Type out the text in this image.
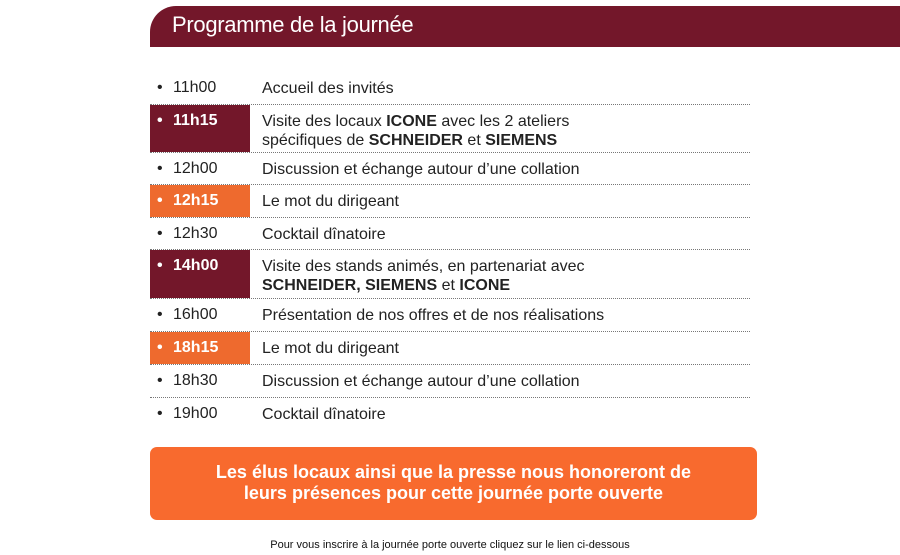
Programme de la journée
• 11h00	Accueil des invités
• 11h15	Visite des locaux ICONE avec les 2 ateliers
spécifiques de SCHNEIDER et SIEMENS
• 12h00	Discussion et échange autour d’une collation
• 12h15	Le mot du dirigeant
• 12h30	Cocktail dînatoire
• 14h00	Visite des stands animés, en partenariat avec
SCHNEIDER, SIEMENS et ICONE
• 16h00	Présentation de nos offres et de nos réalisations
• 18h15	Le mot du dirigeant
• 18h30	Discussion et échange autour d’une collation
• 19h00	Cocktail dînatoire
Les élus locaux ainsi que la presse nous honoreront de
leurs présences pour cette journée porte ouverte
Pour vous inscrire à la journée porte ouverte cliquez sur le lien ci-dessous
